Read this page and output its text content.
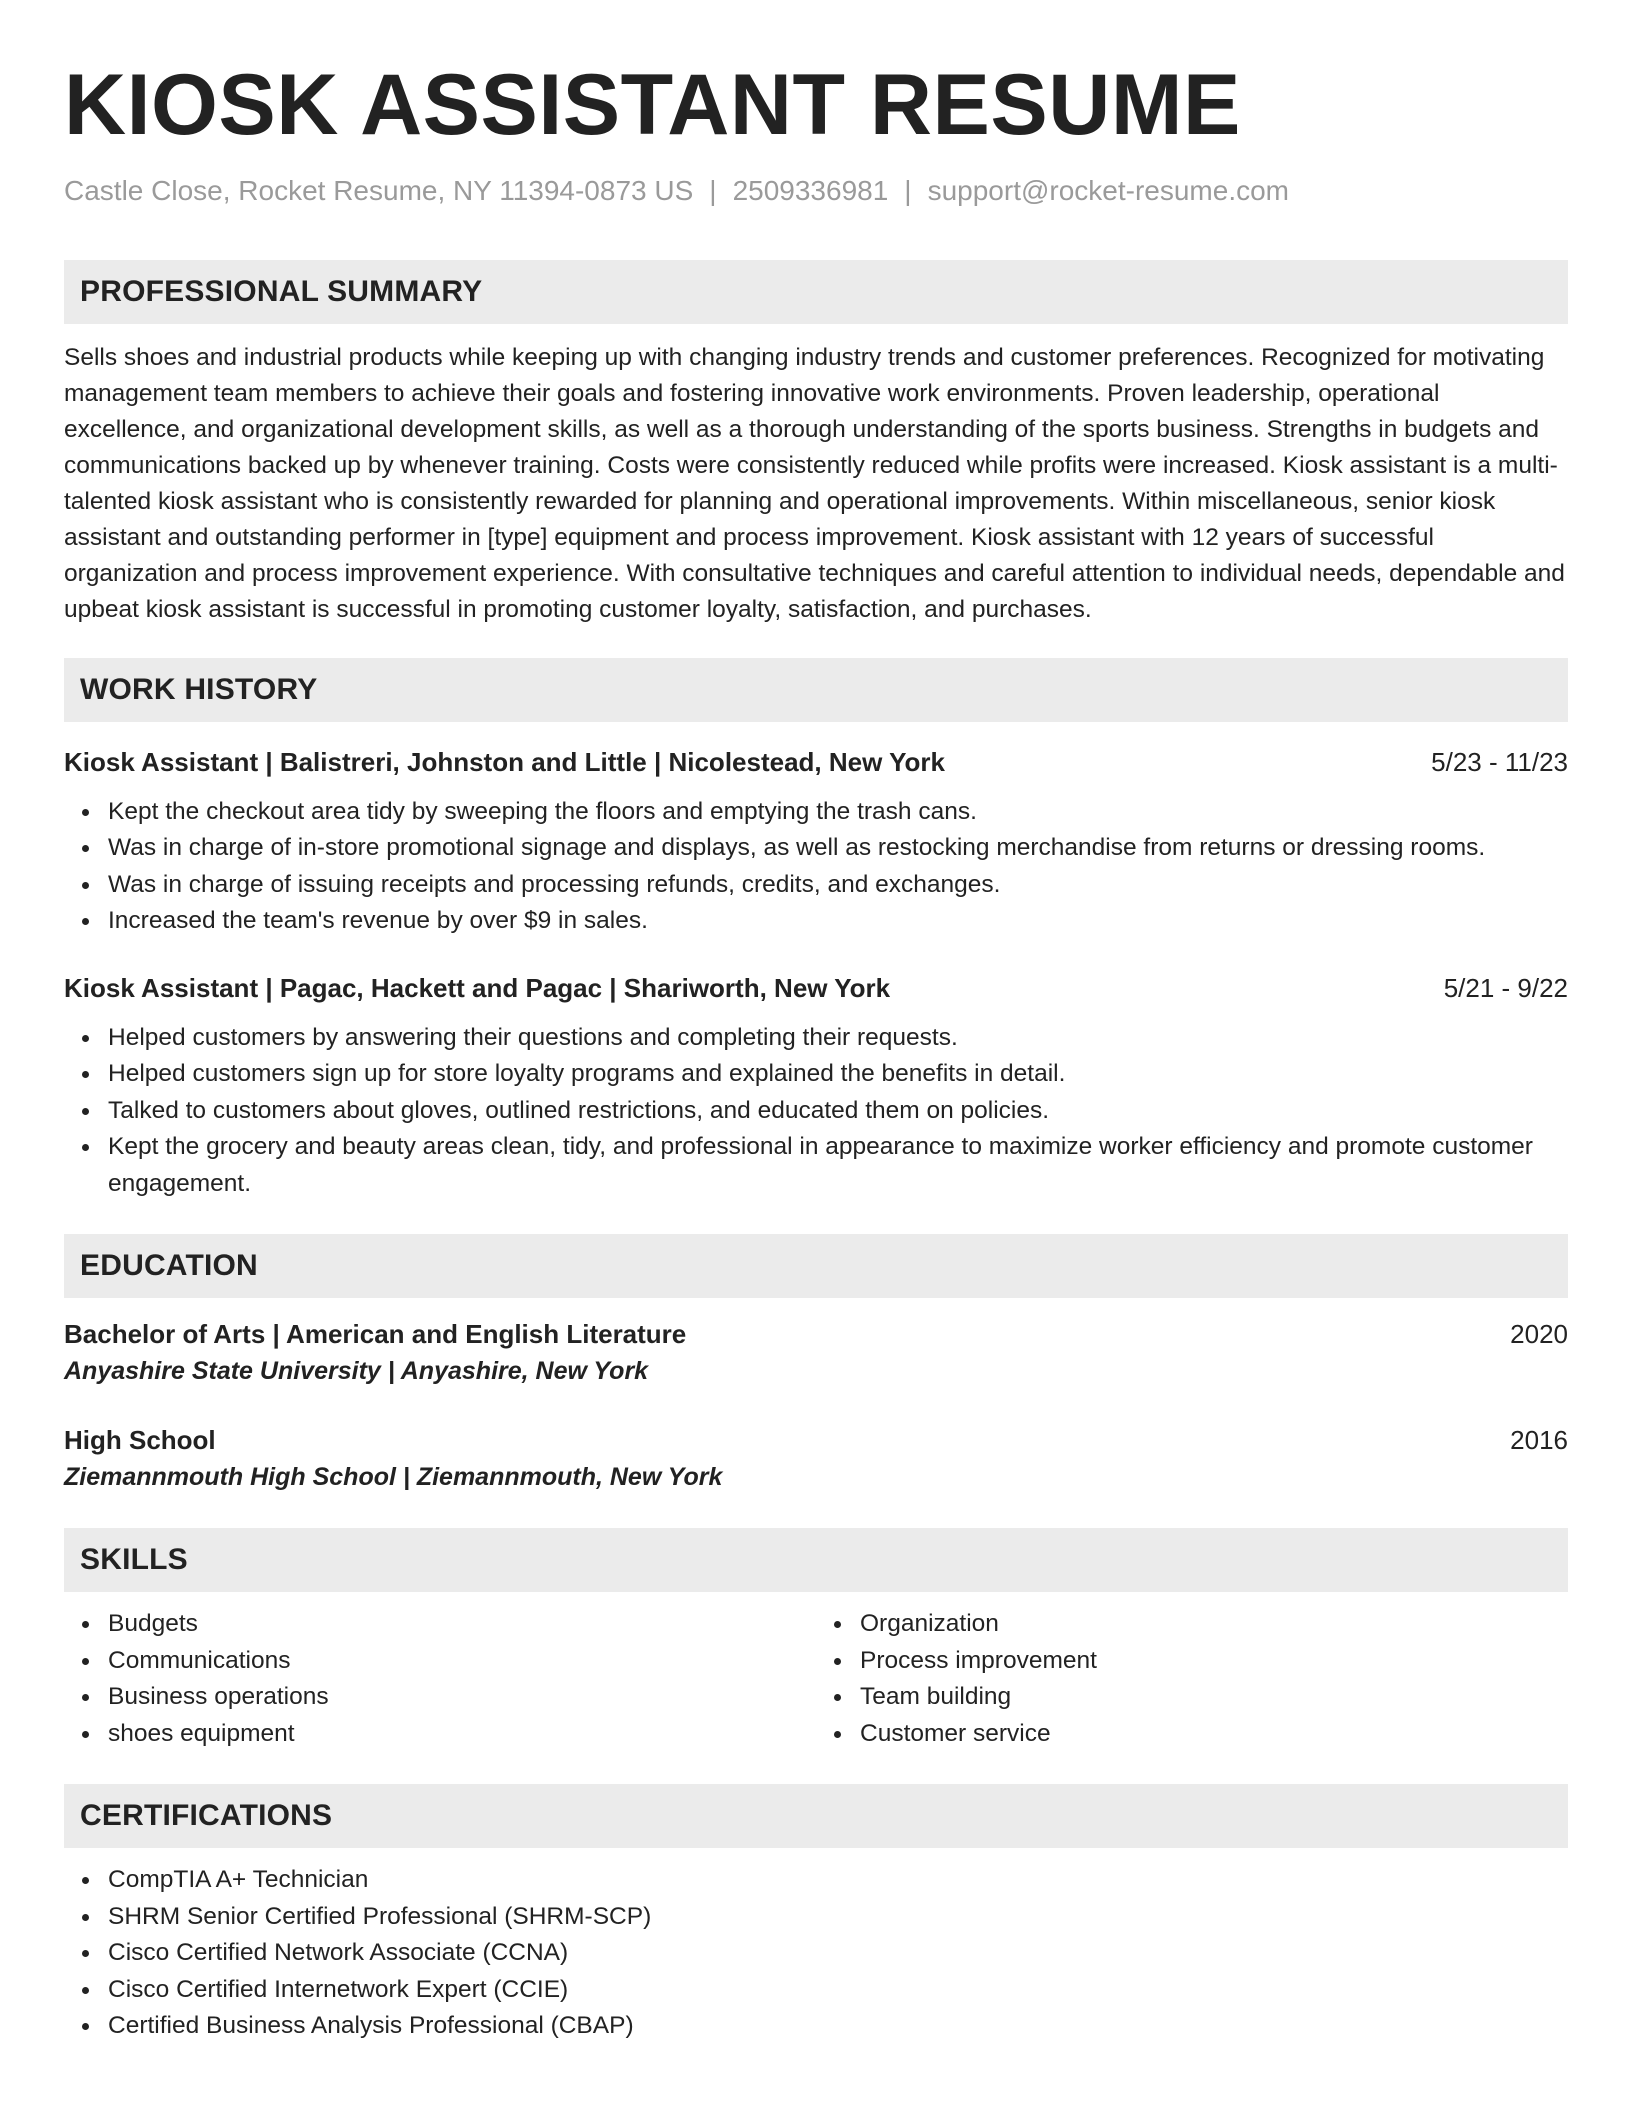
KIOSK ASSISTANT RESUME
Castle Close, Rocket Resume, NY 11394-0873 US | 2509336981 | support@rocket-resume.com
PROFESSIONAL SUMMARY
Sells shoes and industrial products while keeping up with changing industry trends and customer preferences. Recognized for motivating management team members to achieve their goals and fostering innovative work environments. Proven leadership, operational excellence, and organizational development skills, as well as a thorough understanding of the sports business. Strengths in budgets and communications backed up by whenever training. Costs were consistently reduced while profits were increased. Kiosk assistant is a multi-talented kiosk assistant who is consistently rewarded for planning and operational improvements. Within miscellaneous, senior kiosk assistant and outstanding performer in [type] equipment and process improvement. Kiosk assistant with 12 years of successful organization and process improvement experience. With consultative techniques and careful attention to individual needs, dependable and upbeat kiosk assistant is successful in promoting customer loyalty, satisfaction, and purchases.
WORK HISTORY
Kiosk Assistant | Balistreri, Johnston and Little | Nicolestead, New York	5/23 - 11/23
Kept the checkout area tidy by sweeping the floors and emptying the trash cans.
Was in charge of in-store promotional signage and displays, as well as restocking merchandise from returns or dressing rooms.
Was in charge of issuing receipts and processing refunds, credits, and exchanges.
Increased the team's revenue by over $9 in sales.
Kiosk Assistant | Pagac, Hackett and Pagac | Shariworth, New York	5/21 - 9/22
Helped customers by answering their questions and completing their requests.
Helped customers sign up for store loyalty programs and explained the benefits in detail.
Talked to customers about gloves, outlined restrictions, and educated them on policies.
Kept the grocery and beauty areas clean, tidy, and professional in appearance to maximize worker efficiency and promote customer engagement.
EDUCATION
Bachelor of Arts | American and English Literature	2020
Anyashire State University | Anyashire, New York
High School	2016
Ziemannmouth High School | Ziemannmouth, New York
SKILLS
Budgets
Communications
Business operations
shoes equipment
Organization
Process improvement
Team building
Customer service
CERTIFICATIONS
CompTIA A+ Technician
SHRM Senior Certified Professional (SHRM-SCP)
Cisco Certified Network Associate (CCNA)
Cisco Certified Internetwork Expert (CCIE)
Certified Business Analysis Professional (CBAP)
